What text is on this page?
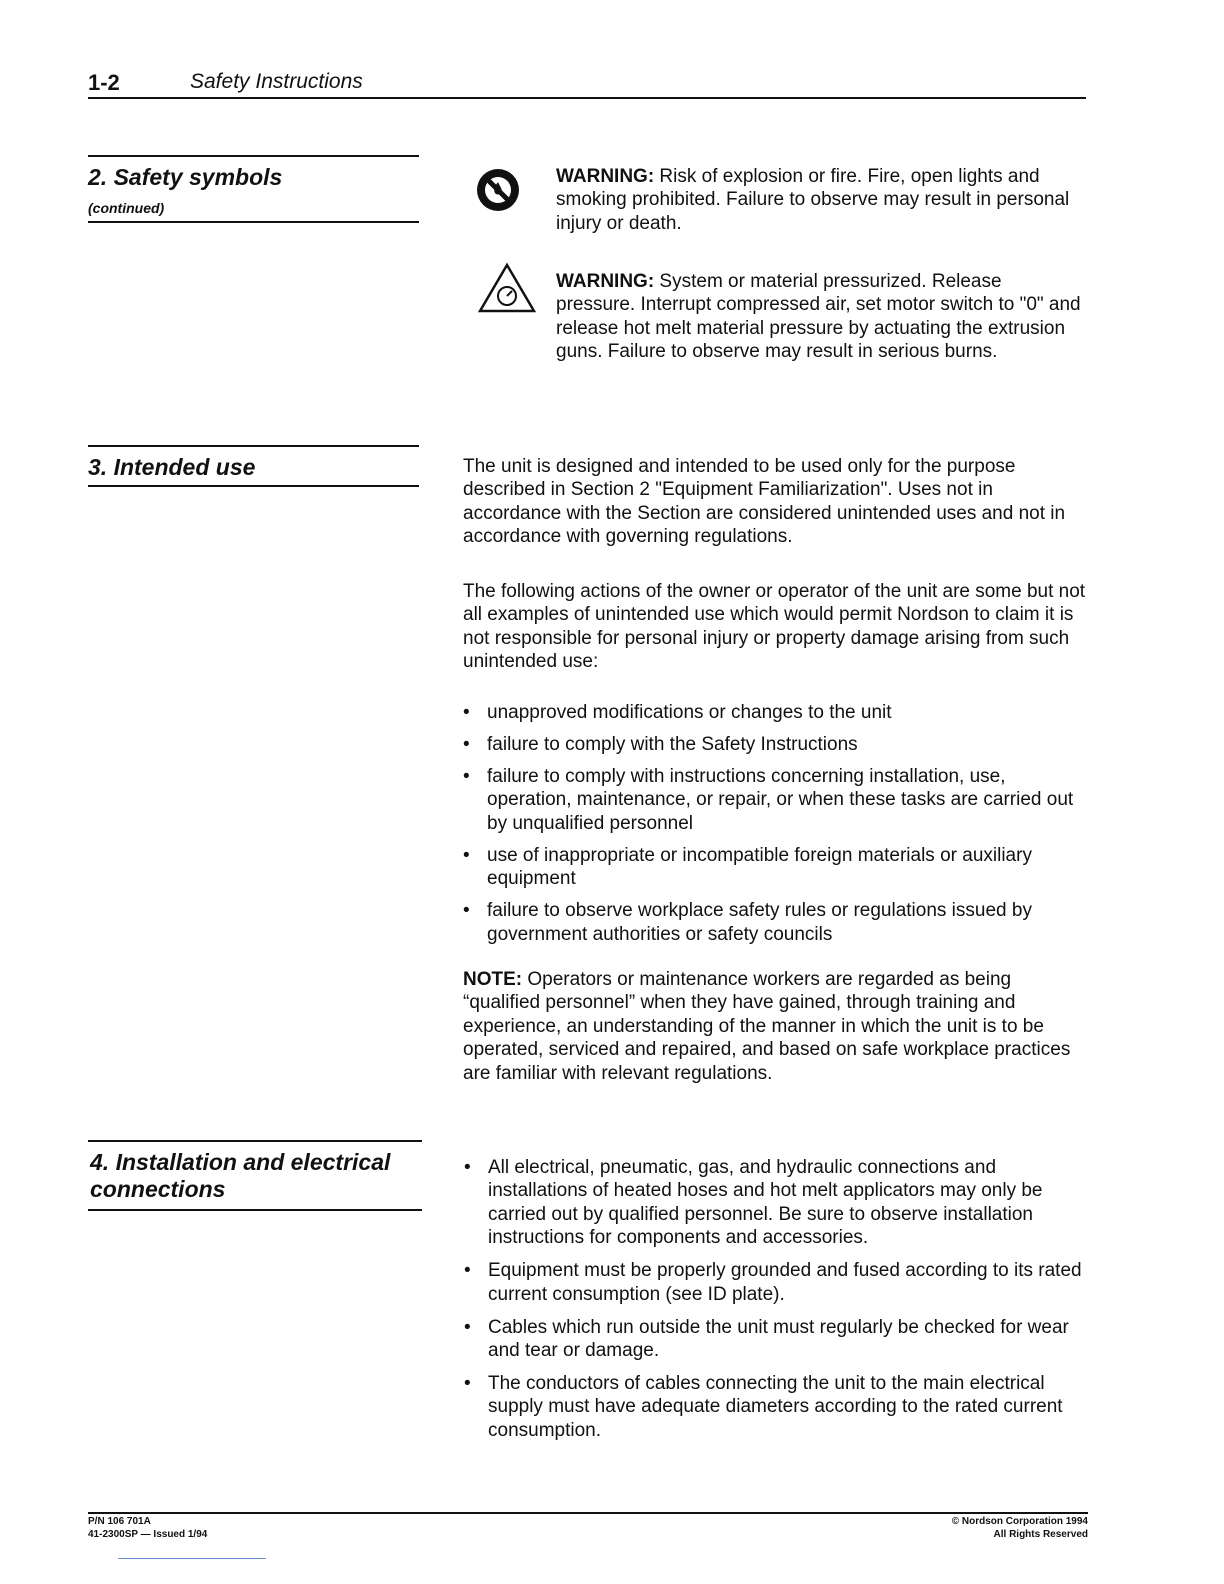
1-2	Safety Instructions
2. Safety symbols
(continued)
WARNING: Risk of explosion or fire. Fire, open lights and smoking prohibited. Failure to observe may result in personal injury or death.
WARNING: System or material pressurized. Release pressure. Interrupt compressed air, set motor switch to "0" and release hot melt material pressure by actuating the extrusion guns. Failure to observe may result in serious burns.
3. Intended use	The unit is designed and intended to be used only for the purpose described in Section 2 "Equipment Familiarization". Uses not in accordance with the Section are considered unintended uses and not in accordance with governing regulations.
The following actions of the owner or operator of the unit are some but not all examples of unintended use which would permit Nordson to claim it is not responsible for personal injury or property damage arising from such unintended use:
• unapproved modifications or changes to the unit
• failure to comply with the Safety Instructions
• failure to comply with instructions concerning installation, use, operation, maintenance, or repair, or when these tasks are carried out by unqualified personnel
• use of inappropriate or incompatible foreign materials or auxiliary equipment
• failure to observe workplace safety rules or regulations issued by government authorities or safety councils
NOTE: Operators or maintenance workers are regarded as being “qualified personnel” when they have gained, through training and experience, an understanding of the manner in which the unit is to be operated, serviced and repaired, and based on safe workplace practices are familiar with relevant regulations.
4. Installation and electrical
connections
• All electrical, pneumatic, gas, and hydraulic connections and installations of heated hoses and hot melt applicators may only be carried out by qualified personnel. Be sure to observe installation instructions for components and accessories.
• Equipment must be properly grounded and fused according to its rated current consumption (see ID plate).
• Cables which run outside the unit must regularly be checked for wear and tear or damage.
• The conductors of cables connecting the unit to the main electrical supply must have adequate diameters according to the rated current consumption.
P/N 106 701A
41-2300SP — Issued 1/94
© Nordson Corporation 1994
All Rights Reserved
